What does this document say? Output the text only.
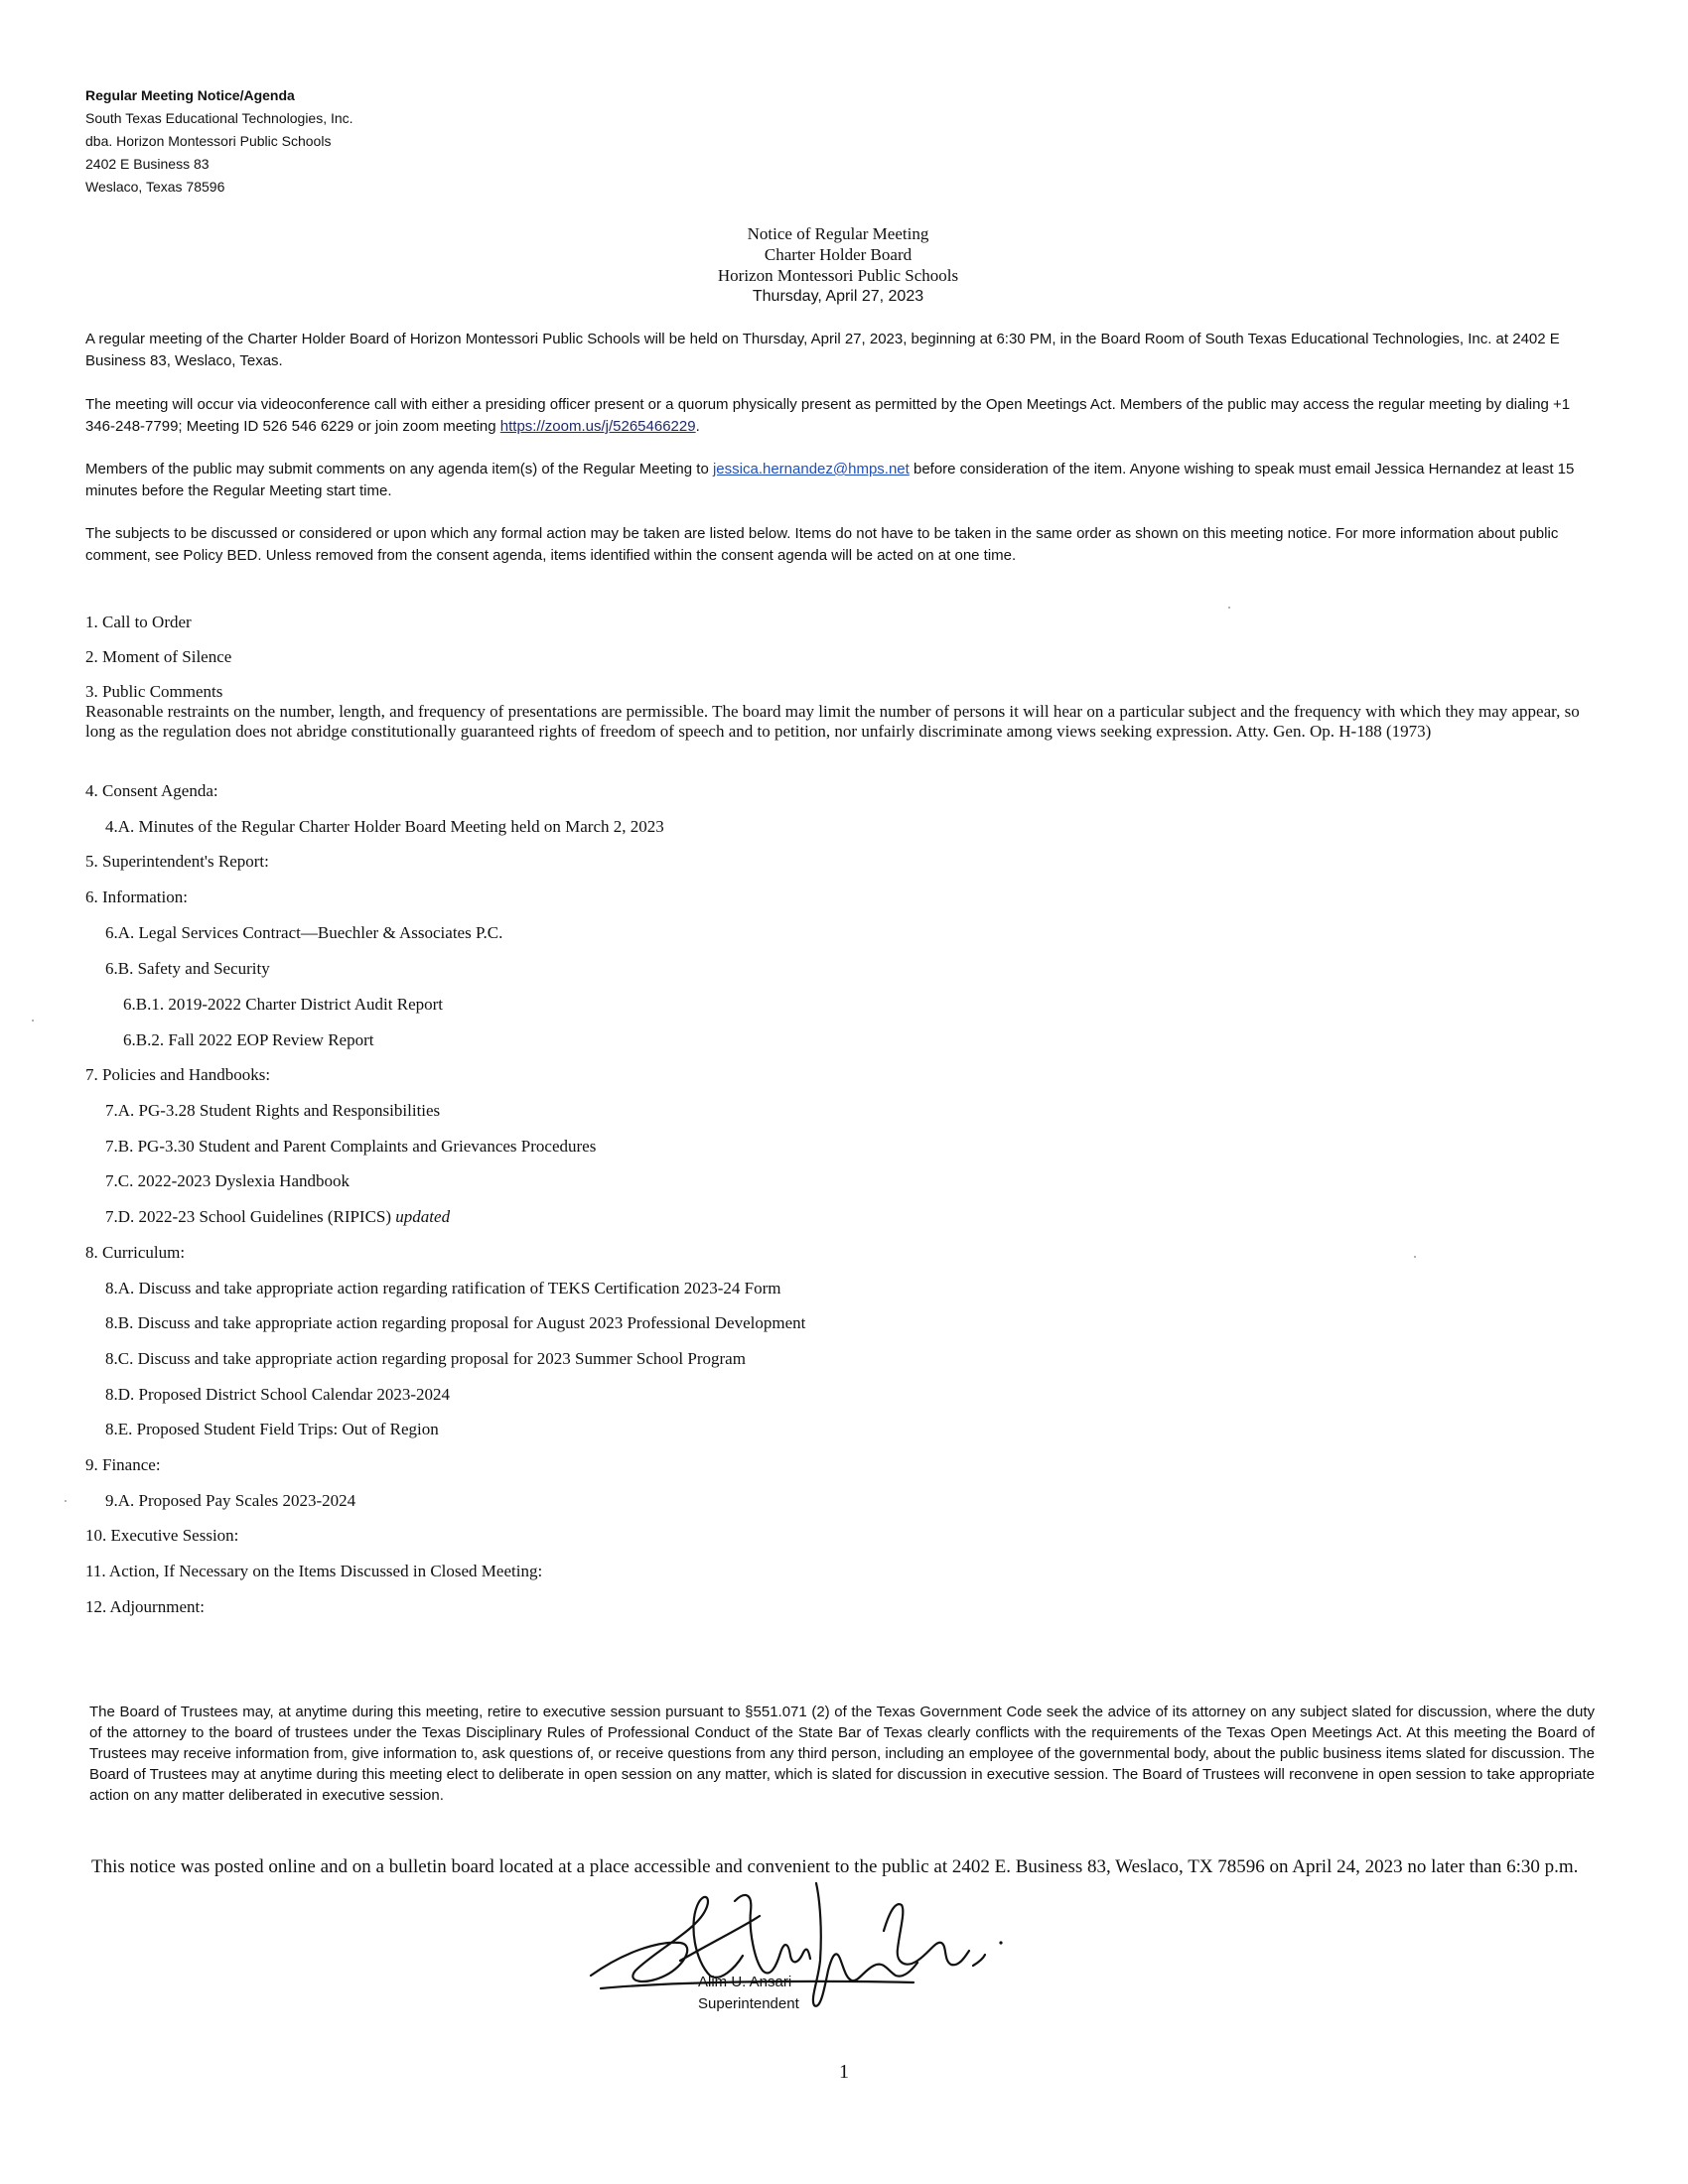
Regular Meeting Notice/Agenda
South Texas Educational Technologies, Inc.
dba. Horizon Montessori Public Schools
2402 E Business 83
Weslaco, Texas 78596
Notice of Regular Meeting
Charter Holder Board
Horizon Montessori Public Schools
Thursday, April 27, 2023
A regular meeting of the Charter Holder Board of Horizon Montessori Public Schools will be held on Thursday, April 27, 2023, beginning at 6:30 PM, in the Board Room of South Texas Educational Technologies, Inc. at 2402 E Business 83, Weslaco, Texas.
The meeting will occur via videoconference call with either a presiding officer present or a quorum physically present as permitted by the Open Meetings Act. Members of the public may access the regular meeting by dialing +1 346-248-7799; Meeting ID 526 546 6229 or join zoom meeting https://zoom.us/j/5265466229.
Members of the public may submit comments on any agenda item(s) of the Regular Meeting to jessica.hernandez@hmps.net before consideration of the item. Anyone wishing to speak must email Jessica Hernandez at least 15 minutes before the Regular Meeting start time.
The subjects to be discussed or considered or upon which any formal action may be taken are listed below. Items do not have to be taken in the same order as shown on this meeting notice. For more information about public comment, see Policy BED. Unless removed from the consent agenda, items identified within the consent agenda will be acted on at one time.
1. Call to Order
2. Moment of Silence
3. Public Comments
Reasonable restraints on the number, length, and frequency of presentations are permissible. The board may limit the number of persons it will hear on a particular subject and the frequency with which they may appear, so long as the regulation does not abridge constitutionally guaranteed rights of freedom of speech and to petition, nor unfairly discriminate among views seeking expression. Atty. Gen. Op. H-188 (1973)
4. Consent Agenda:
4.A. Minutes of the Regular Charter Holder Board Meeting held on March 2, 2023
5. Superintendent's Report:
6. Information:
6.A. Legal Services Contract—Buechler & Associates P.C.
6.B. Safety and Security
6.B.1. 2019-2022 Charter District Audit Report
6.B.2. Fall 2022 EOP Review Report
7. Policies and Handbooks:
7.A. PG-3.28 Student Rights and Responsibilities
7.B. PG-3.30 Student and Parent Complaints and Grievances Procedures
7.C. 2022-2023 Dyslexia Handbook
7.D. 2022-23 School Guidelines (RIPICS) updated
8. Curriculum:
8.A. Discuss and take appropriate action regarding ratification of TEKS Certification 2023-24 Form
8.B. Discuss and take appropriate action regarding proposal for August 2023 Professional Development
8.C. Discuss and take appropriate action regarding proposal for 2023 Summer School Program
8.D. Proposed District School Calendar 2023-2024
8.E. Proposed Student Field Trips: Out of Region
9. Finance:
9.A. Proposed Pay Scales 2023-2024
10. Executive Session:
11. Action, If Necessary on the Items Discussed in Closed Meeting:
12. Adjournment:
The Board of Trustees may, at anytime during this meeting, retire to executive session pursuant to §551.071 (2) of the Texas Government Code seek the advice of its attorney on any subject slated for discussion, where the duty of the attorney to the board of trustees under the Texas Disciplinary Rules of Professional Conduct of the State Bar of Texas clearly conflicts with the requirements of the Texas Open Meetings Act. At this meeting the Board of Trustees may receive information from, give information to, ask questions of, or receive questions from any third person, including an employee of the governmental body, about the public business items slated for discussion. The Board of Trustees may at anytime during this meeting elect to deliberate in open session on any matter, which is slated for discussion in executive session. The Board of Trustees will reconvene in open session to take appropriate action on any matter deliberated in executive session.
This notice was posted online and on a bulletin board located at a place accessible and convenient to the public at 2402 E. Business 83, Weslaco, TX 78596 on April 24, 2023 no later than 6:30 p.m.
Alim U. Ansari
Superintendent
1
